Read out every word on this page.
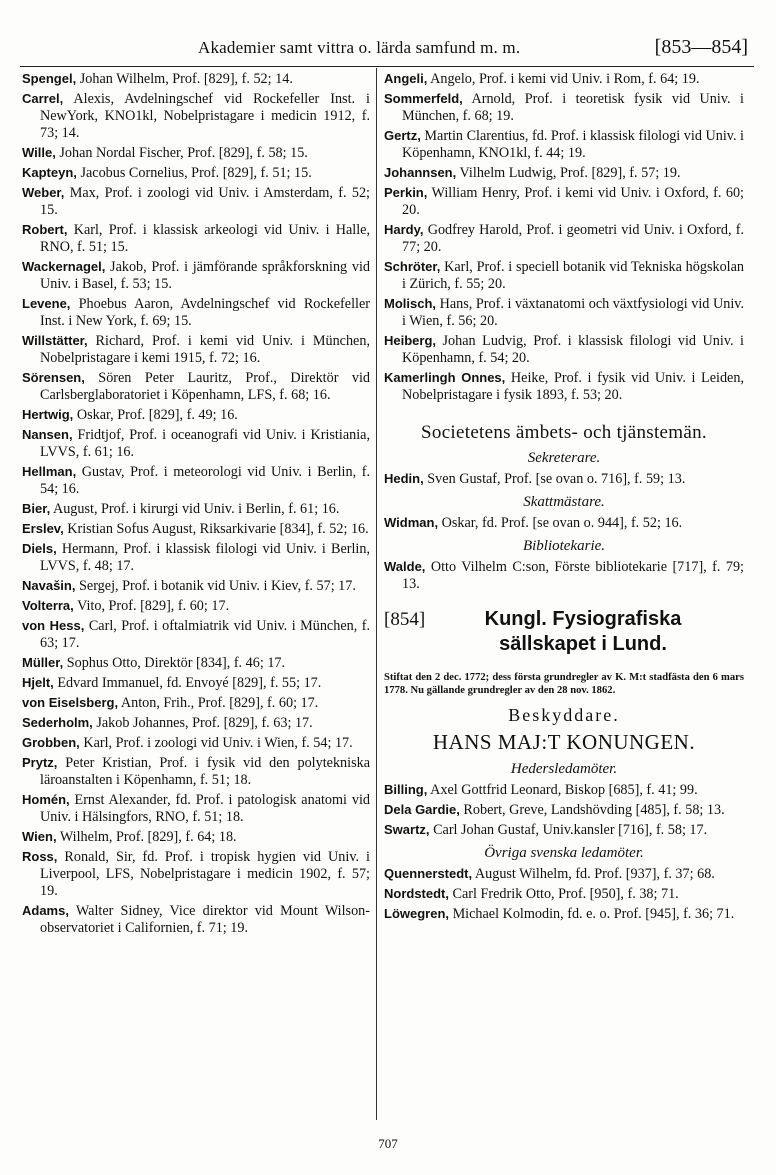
Akademier samt vittra o. lärda samfund m. m.	[853—854]

Spengel, Johan Wilhelm, Prof. [829], f. 52; 14.

Carrel, Alexis, Avdelningschef vid Rockefeller Inst. i NewYork, KNO1kl, Nobelpristagare i medicin 1912, f. 73; 14.

Wille, Johan Nordal Fischer, Prof. [829], f. 58; 15.

Kapteyn, Jacobus Cornelius, Prof. [829], f. 51; 15.

Weber, Max, Prof. i zoologi vid Univ. i Amsterdam, f. 52; 15.

Robert, Karl, Prof. i klassisk arkeologi vid Univ. i Halle, RNO, f. 51; 15.

Wackernagel, Jakob, Prof. i jämförande språkforskning vid Univ. i Basel, f. 53; 15.

Levene, Phoebus Aaron, Avdelningschef vid Rockefeller Inst. i New York, f. 69; 15.

Willstätter, Richard, Prof. i kemi vid Univ. i München, Nobelpristagare i kemi 1915, f. 72; 16.

Sörensen, Sören Peter Lauritz, Prof., Direktör vid Carlsberglaboratoriet i Köpenhamn, LFS, f. 68; 16.

Hertwig, Oskar, Prof. [829], f. 49; 16.

Nansen, Fridtjof, Prof. i oceanografi vid Univ. i Kristiania, LVVS, f. 61; 16.

Hellman, Gustav, Prof. i meteorologi vid Univ. i Berlin, f. 54; 16.

Bier, August, Prof. i kirurgi vid Univ. i Berlin, f. 61; 16.

Erslev, Kristian Sofus August, Riksarkivarie [834], f. 52; 16.

Diels, Hermann, Prof. i klassisk filologi vid Univ. i Berlin, LVVS, f. 48; 17.

Navašin, Sergej, Prof. i botanik vid Univ. i Kiev, f. 57; 17.

Volterra, Vito, Prof. [829], f. 60; 17.

von Hess, Carl, Prof. i oftalmiatrik vid Univ. i München, f. 63; 17.

Müller, Sophus Otto, Direktör [834], f. 46; 17.

Hjelt, Edvard Immanuel, fd. Envoyé [829], f. 55; 17.

von Eiselsberg, Anton, Frih., Prof. [829], f. 60; 17.

Sederholm, Jakob Johannes, Prof. [829], f. 63; 17.

Grobben, Karl, Prof. i zoologi vid Univ. i Wien, f. 54; 17.

Prytz, Peter Kristian, Prof. i fysik vid den polytekniska läroanstalten i Köpenhamn, f. 51; 18.

Homén, Ernst Alexander, fd. Prof. i patologisk anatomi vid Univ. i Hälsingfors, RNO, f. 51; 18.

Wien, Wilhelm, Prof. [829], f. 64; 18.

Ross, Ronald, Sir, fd. Prof. i tropisk hygien vid Univ. i Liverpool, LFS, Nobelpristagare i medicin 1902, f. 57; 19.

Adams, Walter Sidney, Vice direktor vid Mount Wilson-observatoriet i Californien, f. 71; 19.

Angeli, Angelo, Prof. i kemi vid Univ. i Rom, f. 64; 19.

Sommerfeld, Arnold, Prof. i teoretisk fysik vid Univ. i München, f. 68; 19.

Gertz, Martin Clarentius, fd. Prof. i klassisk filologi vid Univ. i Köpenhamn, KNO1kl, f. 44; 19.

Johannsen, Vilhelm Ludwig, Prof. [829], f. 57; 19.

Perkin, William Henry, Prof. i kemi vid Univ. i Oxford, f. 60; 20.

Hardy, Godfrey Harold, Prof. i geometri vid Univ. i Oxford, f. 77; 20.

Schröter, Karl, Prof. i speciell botanik vid Tekniska högskolan i Zürich, f. 55; 20.

Molisch, Hans, Prof. i växtanatomi och växtfysiologi vid Univ. i Wien, f. 56; 20.

Heiberg, Johan Ludvig, Prof. i klassisk filologi vid Univ. i Köpenhamn, f. 54; 20.

Kamerlingh Onnes, Heike, Prof. i fysik vid Univ. i Leiden, Nobelpristagare i fysik 1893, f. 53; 20.

Societetens ämbets- och tjänstemän.
Sekreterare.

Hedin, Sven Gustaf, Prof. [se ovan o. 716], f. 59; 13.

Skattmästare.

Widman, Oskar, fd. Prof. [se ovan o. 944], f. 52; 16.

Bibliotekarie.

Walde, Otto Vilhelm C:son, Förste bibliotekarie [717], f. 79; 13.

[854]	Kungl. Fysiografiska
sällskapet i Lund.
Stiftat den 2 dec. 1772; dess första grundregler av K. M:t stadfästa den 6 mars 1778. Nu gällande grundregler av den 28 nov. 1862.
Beskyddare.
HANS MAJ:T KONUNGEN.
Hedersledamöter.

Billing, Axel Gottfrid Leonard, Biskop [685], f. 41; 99.

Dela Gardie, Robert, Greve, Landshövding [485], f. 58; 13.

Swartz, Carl Johan Gustaf, Univ.kansler [716], f. 58; 17.

Övriga svenska ledamöter.

Quennerstedt, August Wilhelm, fd. Prof. [937], f. 37; 68.

Nordstedt, Carl Fredrik Otto, Prof. [950], f. 38; 71.

Löwegren, Michael Kolmodin, fd. e. o. Prof. [945], f. 36; 71.

707
